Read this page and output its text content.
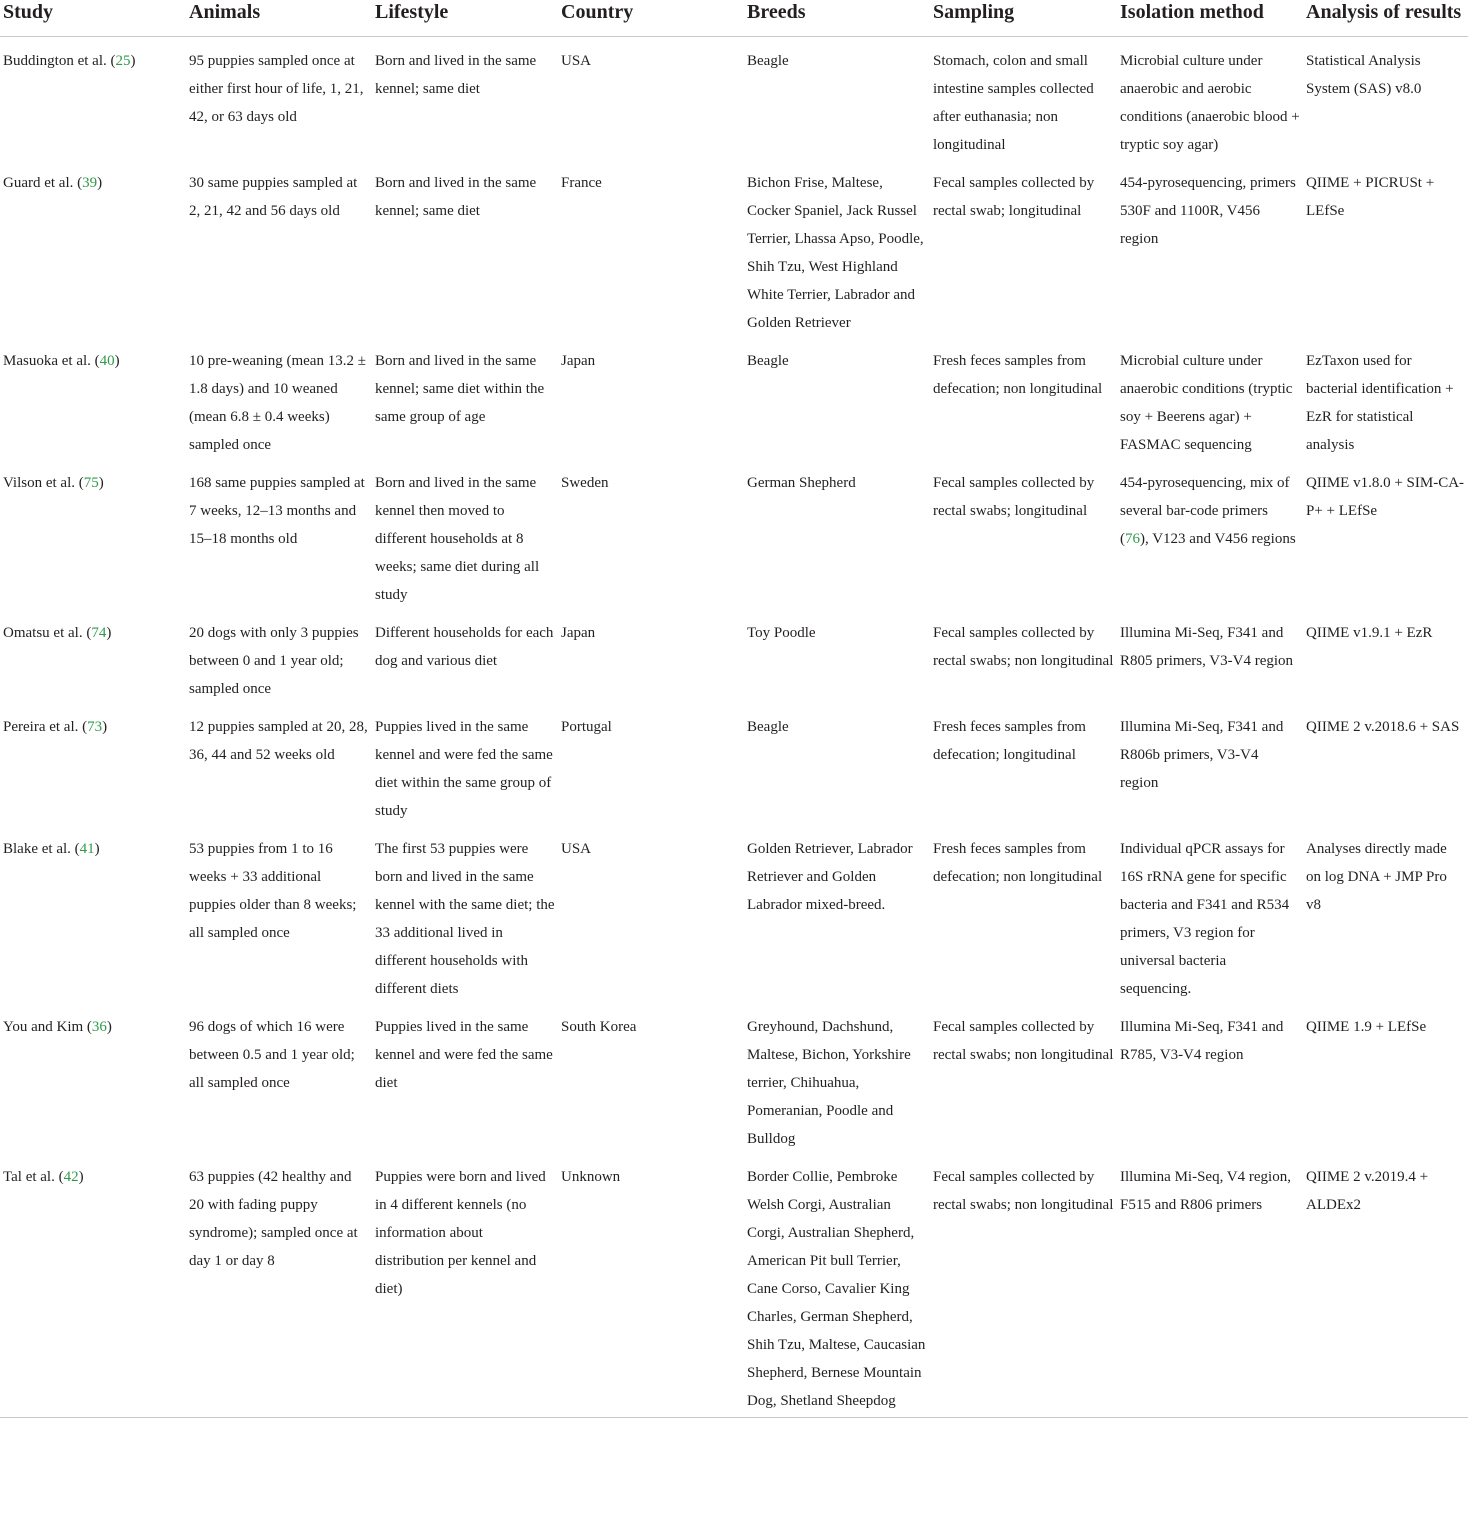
Study	Animals	Lifestyle	Country	Breeds	Sampling	Isolation method	Analysis of results
Buddington et al. (25)	95 puppies sampled once at either first hour of life, 1, 21, 42, or 63 days old	Born and lived in the same kennel; same diet	USA	Beagle	Stomach, colon and small intestine samples collected after euthanasia; non longitudinal	Microbial culture under anaerobic and aerobic conditions (anaerobic blood + tryptic soy agar)	Statistical Analysis System (SAS) v8.0
Guard et al. (39)	30 same puppies sampled at 2, 21, 42 and 56 days old	Born and lived in the same kennel; same diet	France	Bichon Frise, Maltese, Cocker Spaniel, Jack Russel Terrier, Lhassa Apso, Poodle, Shih Tzu, West Highland White Terrier, Labrador and Golden Retriever	Fecal samples collected by rectal swab; longitudinal	454-pyrosequencing, primers 530F and 1100R, V456 region	QIIME + PICRUSt + LEfSe
Masuoka et al. (40)	10 pre-weaning (mean 13.2 ± 1.8 days) and 10 weaned (mean 6.8 ± 0.4 weeks) sampled once	Born and lived in the same kennel; same diet within the same group of age	Japan	Beagle	Fresh feces samples from defecation; non longitudinal	Microbial culture under anaerobic conditions (tryptic soy + Beerens agar) + FASMAC sequencing	EzTaxon used for bacterial identification + EzR for statistical analysis
Vilson et al. (75)	168 same puppies sampled at 7 weeks, 12–13 months and 15–18 months old	Born and lived in the same kennel then moved to different households at 8 weeks; same diet during all study	Sweden	German Shepherd	Fecal samples collected by rectal swabs; longitudinal	454-pyrosequencing, mix of several bar-code primers (76), V123 and V456 regions	QIIME v1.8.0 + SIM-CA-P+ + LEfSe
Omatsu et al. (74)	20 dogs with only 3 puppies between 0 and 1 year old; sampled once	Different households for each dog and various diet	Japan	Toy Poodle	Fecal samples collected by rectal swabs; non longitudinal	Illumina Mi-Seq, F341 and R805 primers, V3-V4 region	QIIME v1.9.1 + EzR
Pereira et al. (73)	12 puppies sampled at 20, 28, 36, 44 and 52 weeks old	Puppies lived in the same kennel and were fed the same diet within the same group of study	Portugal	Beagle	Fresh feces samples from defecation; longitudinal	Illumina Mi-Seq, F341 and R806b primers, V3-V4 region	QIIME 2 v.2018.6 + SAS
Blake et al. (41)	53 puppies from 1 to 16 weeks + 33 additional puppies older than 8 weeks; all sampled once	The first 53 puppies were born and lived in the same kennel with the same diet; the 33 additional lived in different households with different diets	USA	Golden Retriever, Labrador Retriever and Golden Labrador mixed-breed.	Fresh feces samples from defecation; non longitudinal	Individual qPCR assays for 16S rRNA gene for specific bacteria and F341 and R534 primers, V3 region for universal bacteria sequencing.	Analyses directly made on log DNA + JMP Pro v8
You and Kim (36)	96 dogs of which 16 were between 0.5 and 1 year old; all sampled once	Puppies lived in the same kennel and were fed the same diet	South Korea	Greyhound, Dachshund, Maltese, Bichon, Yorkshire terrier, Chihuahua, Pomeranian, Poodle and Bulldog	Fecal samples collected by rectal swabs; non longitudinal	Illumina Mi-Seq, F341 and R785, V3-V4 region	QIIME 1.9 + LEfSe
Tal et al. (42)	63 puppies (42 healthy and 20 with fading puppy syndrome); sampled once at day 1 or day 8	Puppies were born and lived in 4 different kennels (no information about distribution per kennel and diet)	Unknown	Border Collie, Pembroke Welsh Corgi, Australian Corgi, Australian Shepherd, American Pit bull Terrier, Cane Corso, Cavalier King Charles, German Shepherd, Shih Tzu, Maltese, Caucasian Shepherd, Bernese Mountain Dog, Shetland Sheepdog	Fecal samples collected by rectal swabs; non longitudinal	Illumina Mi-Seq, V4 region, F515 and R806 primers	QIIME 2 v.2019.4 + ALDEx2
